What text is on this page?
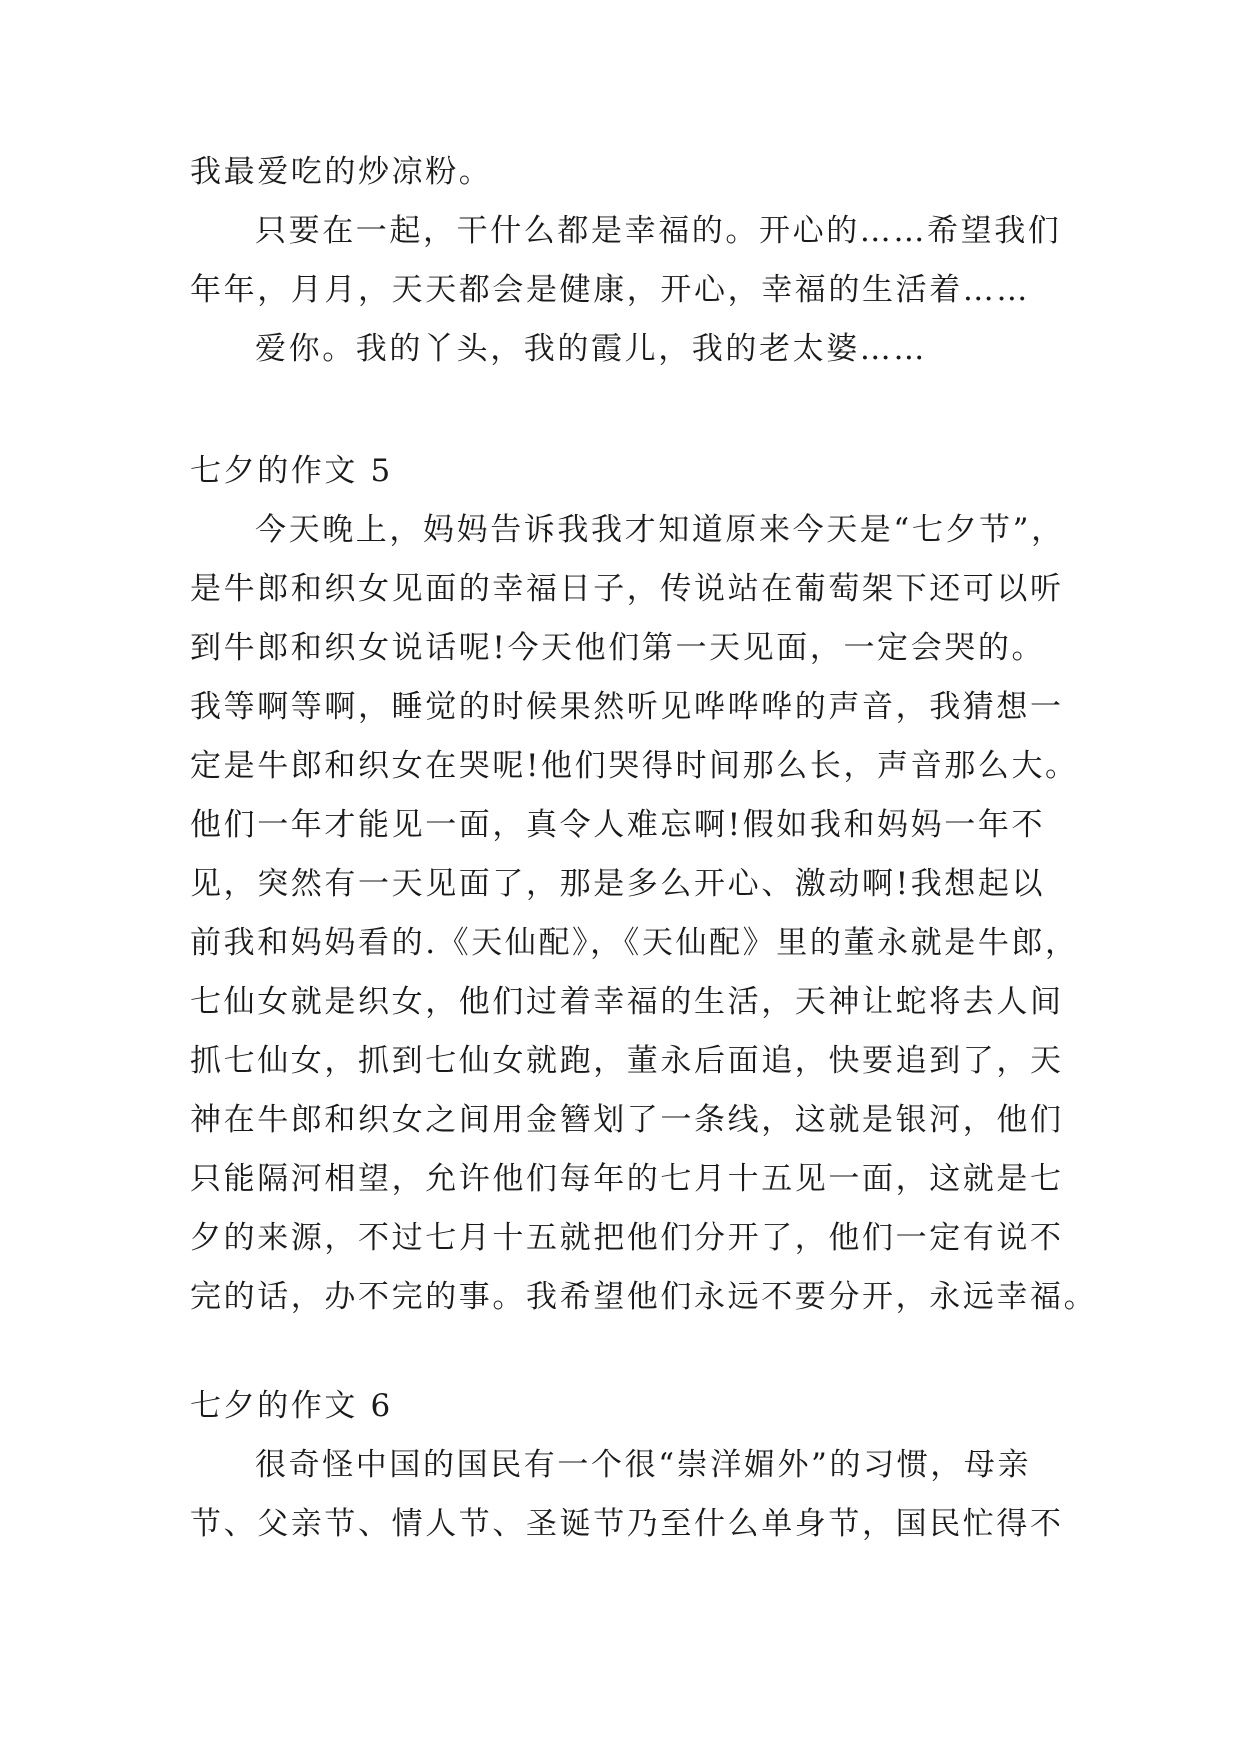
我最爱吃的炒凉粉。
只要在一起，干什么都是幸福的。开心的……希望我们
年年，月月，天天都会是健康，开心，幸福的生活着……
爱你。我的丫头，我的霞儿，我的老太婆……
七夕的作文 5
今天晚上，妈妈告诉我我才知道原来今天是“七夕节”，
是牛郎和织女见面的幸福日子，传说站在葡萄架下还可以听
到牛郎和织女说话呢!今天他们第一天见面，一定会哭的。
我等啊等啊，睡觉的时候果然听见哗哗哗的声音，我猜想一
定是牛郎和织女在哭呢!他们哭得时间那么长，声音那么大。
他们一年才能见一面，真令人难忘啊!假如我和妈妈一年不
见，突然有一天见面了，那是多么开心、激动啊!我想起以
前我和妈妈看的.《天仙配》，《天仙配》里的董永就是牛郎，
七仙女就是织女，他们过着幸福的生活，天神让蛇将去人间
抓七仙女，抓到七仙女就跑，董永后面追，快要追到了，天
神在牛郎和织女之间用金簪划了一条线，这就是银河，他们
只能隔河相望，允许他们每年的七月十五见一面，这就是七
夕的来源，不过七月十五就把他们分开了，他们一定有说不
完的话，办不完的事。我希望他们永远不要分开，永远幸福。
七夕的作文 6
很奇怪中国的国民有一个很“崇洋媚外”的习惯，母亲
节、父亲节、情人节、圣诞节乃至什么单身节，国民忙得不
